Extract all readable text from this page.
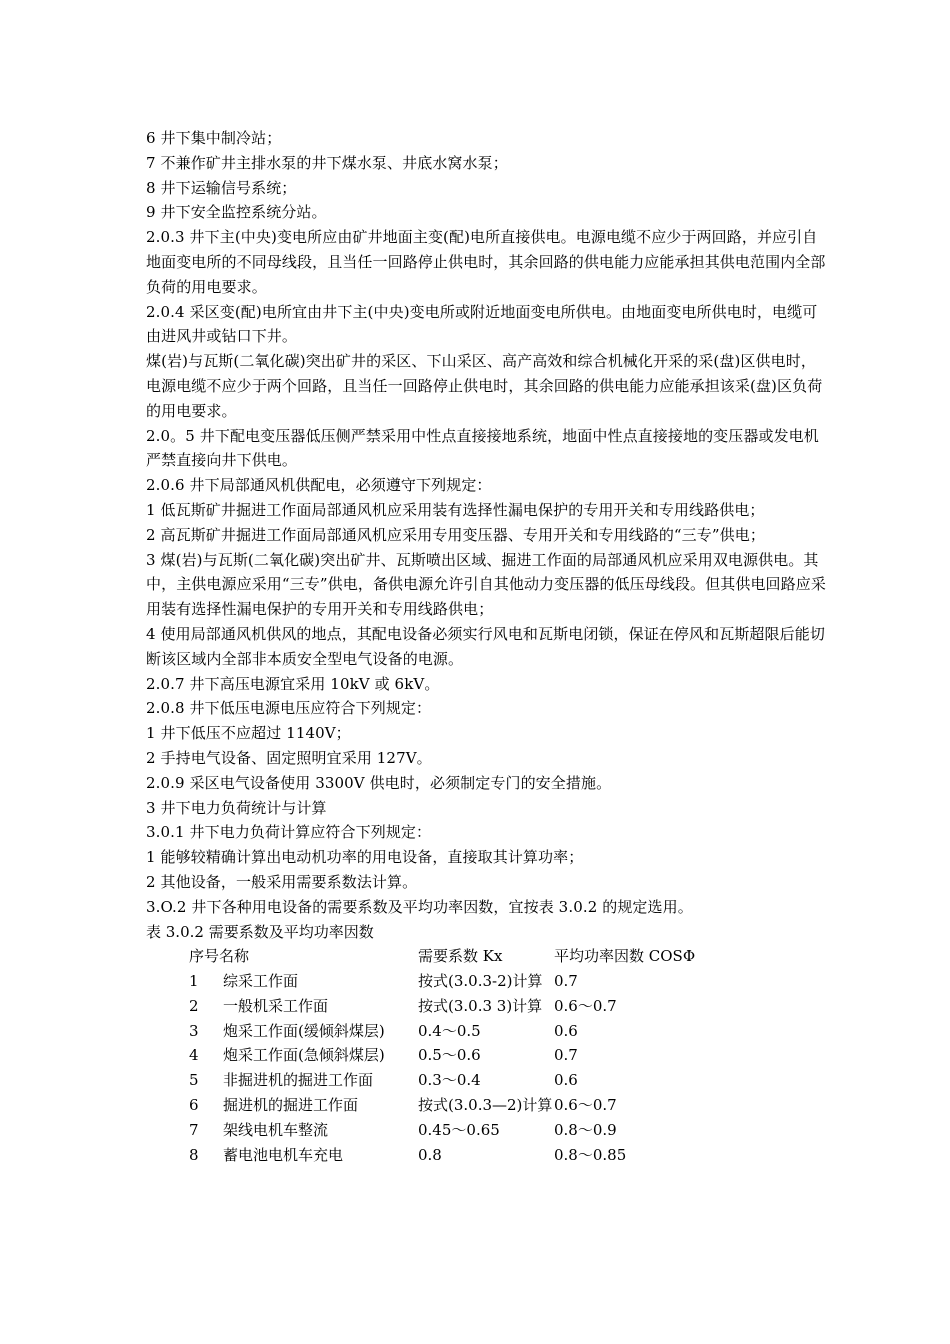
6 井下集中制冷站；

7 不兼作矿井主排水泵的井下煤水泵、井底水窝水泵；

8 井下运输信号系统；

9 井下安全监控系统分站。

2.0.3 井下主(中央)变电所应由矿井地面主变(配)电所直接供电。电源电缆不应少于两回路，并应引自地面变电所的不同母线段，且当任一回路停止供电时，其余回路的供电能力应能承担其供电范围内全部负荷的用电要求。

2.0.4 采区变(配)电所宜由井下主(中央)变电所或附近地面变电所供电。由地面变电所供电时，电缆可由进风井或钻口下井。

煤(岩)与瓦斯(二氧化碳)突出矿井的采区、下山采区、高产高效和综合机械化开采的采(盘)区供电时，电源电缆不应少于两个回路，且当任一回路停止供电时，其余回路的供电能力应能承担该采(盘)区负荷的用电要求。

2.0。5 井下配电变压器低压侧严禁采用中性点直接接地系统，地面中性点直接接地的变压器或发电机严禁直接向井下供电。

2.0.6 井下局部通风机供配电，必须遵守下列规定：

1 低瓦斯矿井掘进工作面局部通风机应采用装有选择性漏电保护的专用开关和专用线路供电；

2 高瓦斯矿井掘进工作面局部通风机应采用专用变压器、专用开关和专用线路的“三专”供电；

3 煤(岩)与瓦斯(二氧化碳)突出矿井、瓦斯喷出区域、掘进工作面的局部通风机应采用双电源供电。其中，主供电源应采用“三专”供电，备供电源允许引自其他动力变压器的低压母线段。但其供电回路应采用装有选择性漏电保护的专用开关和专用线路供电；

4 使用局部通风机供风的地点，其配电设备必须实行风电和瓦斯电闭锁，保证在停风和瓦斯超限后能切断该区域内全部非本质安全型电气设备的电源。

2.0.7 井下高压电源宜采用 10kV 或 6kV。

2.0.8 井下低压电源电压应符合下列规定：

1 井下低压不应超过 1140V；

2 手持电气设备、固定照明宜采用 127V。

2.0.9 采区电气设备使用 3300V 供电时，必须制定专门的安全措施。

3 井下电力负荷统计与计算

3.0.1 井下电力负荷计算应符合下列规定：

1 能够较精确计算出电动机功率的用电设备，直接取其计算功率；

2 其他设备，一般采用需要系数法计算。

3.O.2 井下各种用电设备的需要系数及平均功率因数，宜按表 3.0.2 的规定选用。

表 3.0.2 需要系数及平均功率因数

序号名称	需要系数 Kx	平均功率因数 COSΦ
1 综采工作面	按式(3.0.3-2)计算 0.7
2 一般机采工作面	按式(3.0.3 3)计算 0.6～0.7
3 炮采工作面(缓倾斜煤层) 0.4～0.5	0.6
4 炮采工作面(急倾斜煤层) 0.5～0.6	0.7
5 非掘进机的掘进工作面	0.3～0.4	0.6
6 掘进机的掘进工作面	按式(3.0.3—2)计算 0.6～0.7
7 架线电机车整流	0.45～0.65	0.8～0.9
8 蓄电池电机车充电	0.8	0.8～0.85
